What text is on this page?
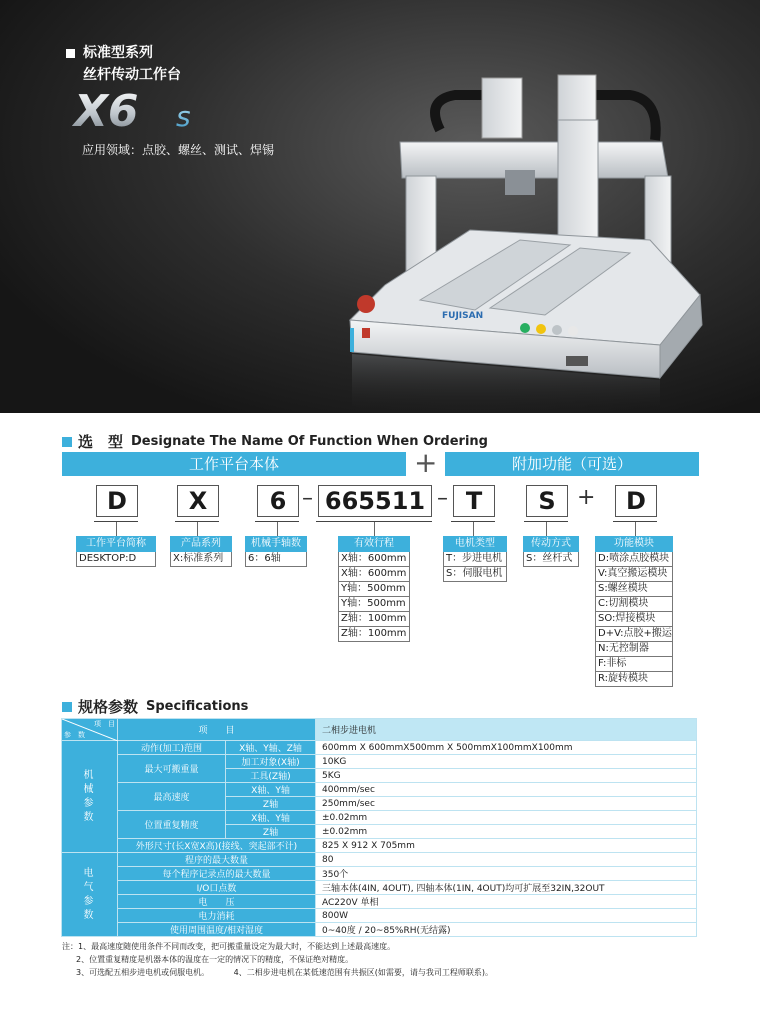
标准型系列
丝杆传动工作台
X6 s
应用领域：点胶、螺丝、测试、焊锡
FUJISAN
选　型 Designate The Name Of Function When Ordering
工作平台本体	+	附加功能（可选）
D	X	6 – 665511 – T	S +	D
工作平台简称
DESKTOP:D
产品系列
X:标准系列
机械手轴数
6：6轴
有效行程
X轴：600mm
X轴：600mm
Y轴：500mm
Y轴：500mm
Z轴：100mm
Z轴：100mm
电机类型
T：步进电机
S：伺服电机
传动方式
S：丝杆式
功能模块
D:喷涂点胶模块
V:真空搬运模块
S:螺丝模块
C:切割模块
SO:焊接模块
D+V:点胶+搬运
N:无控制器
F:非标
R:旋转模块
规格参数 Specifications
项　目
参　数	项　　目		二相步进电机

机械参数	动作(加工)范围	X轴、Y轴、Z轴	600mm X 600mmX500mm X 500mmX100mmX100mm
	最大可搬重量	加工对象(X轴)	10KG
		工具(Z轴)	5KG
	最高速度	X轴、Y轴	400mm/sec
		Z轴	250mm/sec
	位置重复精度	X轴、Y轴	±0.02mm
		Z轴	±0.02mm
	外形尺寸(长X宽X高)(接线、突起部不计)		825 X 912 X 705mm

电气参数	程序的最大数量		80
	每个程序记录点的最大数量		350个
	I/O口点数		三轴本体(4IN, 4OUT), 四轴本体(1IN, 4OUT)均可扩展至32IN,32OUT
	电　　压		AC220V 单相
	电力消耗		800W
	使用周围温度/相对湿度		0~40度 / 20~85%RH(无结露)
注：1、最高速度随使用条件不同而改变，把可搬重量设定为最大时，不能达到上述最高速度。
2、位置重复精度是机器本体的温度在一定的情况下的精度，不保证绝对精度。
3、可选配五相步进电机或伺服电机。	4、二相步进电机在某低速范围有共振区(如需要，请与我司工程师联系)。
